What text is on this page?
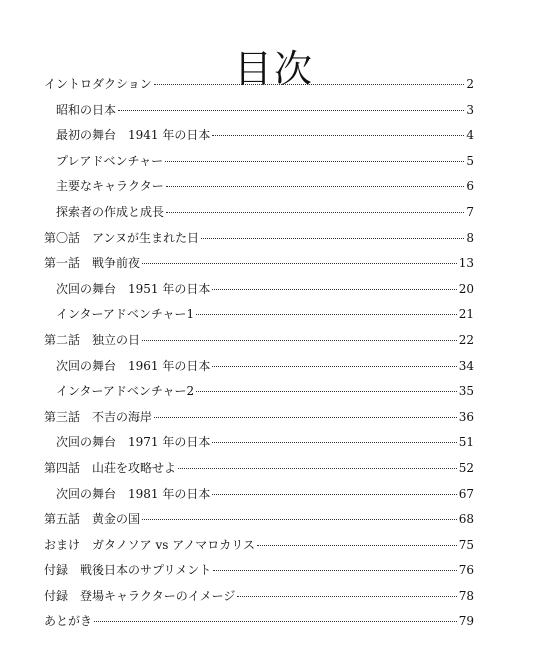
目次
イントロダクション	2
昭和の日本	3
最初の舞台　1941 年の日本	4
プレアドベンチャー	5
主要なキャラクター	6
探索者の作成と成長	7
第〇話　アンヌが生まれた日	8
第一話　戦争前夜	13
次回の舞台　1951 年の日本	20
インターアドベンチャー1	21
第二話　独立の日	22
次回の舞台　1961 年の日本	34
インターアドベンチャー2	35
第三話　不吉の海岸	36
次回の舞台　1971 年の日本	51
第四話　山荘を攻略せよ	52
次回の舞台　1981 年の日本	67
第五話　黄金の国	68
おまけ　ガタノソア vs アノマロカリス	75
付録　戦後日本のサプリメント	76
付録　登場キャラクターのイメージ	78
あとがき	79
